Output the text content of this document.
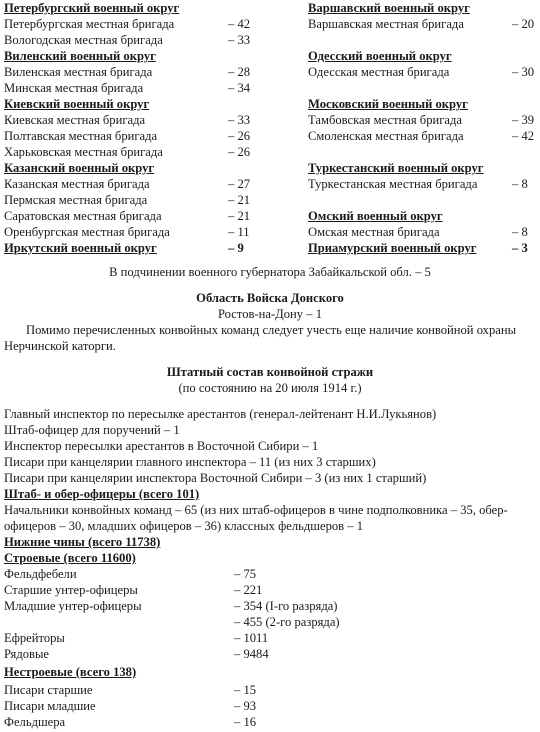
Петербургский военный округ
Петербургская местная бригада	– 42
Вологодская местная бригада	– 33
Виленский военный округ
Виленская местная бригада	– 28
Минская местная бригада	– 34
Киевский военный округ
Киевская местная бригада	– 33
Полтавская местная бригада	– 26
Харьковская местная бригада	– 26
Казанский военный округ
Казанская местная бригада	– 27
Пермская местная бригада	– 21
Саратовская местная бригада	– 21
Оренбургская местная бригада	– 11
Иркутский военный округ	– 9
Варшавский военный округ
Варшавская местная бригада	– 20
Одесский военный округ
Одесская местная бригада	– 30
Московский военный округ
Тамбовская местная бригада	– 39
Смоленская местная бригада	– 42
Туркестанский военный округ
Туркестанская местная бригада	– 8
Омский военный округ
Омская местная бригада	– 8
Приамурский военный округ	– 3
В подчинении военного губернатора Забайкальской обл. – 5
Область Войска Донского
Ростов-на-Дону – 1
Помимо перечисленных конвойных команд следует учесть еще наличие конвойной охраны Нерчинской каторги.
Штатный состав конвойной стражи
(по состоянию на 20 июля 1914 г.)
Главный инспектор по пересылке арестантов (генерал-лейтенант Н.И.Лукьянов)
Штаб-офицер для поручений – 1
Инспектор пересылки арестантов в Восточной Сибири – 1
Писари при канцелярии главного инспектора – 11 (из них 3 старших)
Писари при канцелярии инспектора Восточной Сибири – 3 (из них 1 старший)
Штаб- и обер-офицеры (всего 101)
Начальники конвойных команд – 65 (из них штаб-офицеров в чине подполковника – 35, обер-офицеров – 30, младших офицеров – 36) классных фельдшеров – 1
Нижние чины (всего 11738)
Строевые (всего 11600)
Фельдфебели	– 75
Старшие унтер-офицеры	– 221
Младшие унтер-офицеры	– 354 (I-го разряда)
– 455 (2-го разряда)
Ефрейторы	– 1011
Рядовые	– 9484
Нестроевые (всего 138)
Писари старшие	– 15
Писари младшие	– 93
Фельдшера	– 16
